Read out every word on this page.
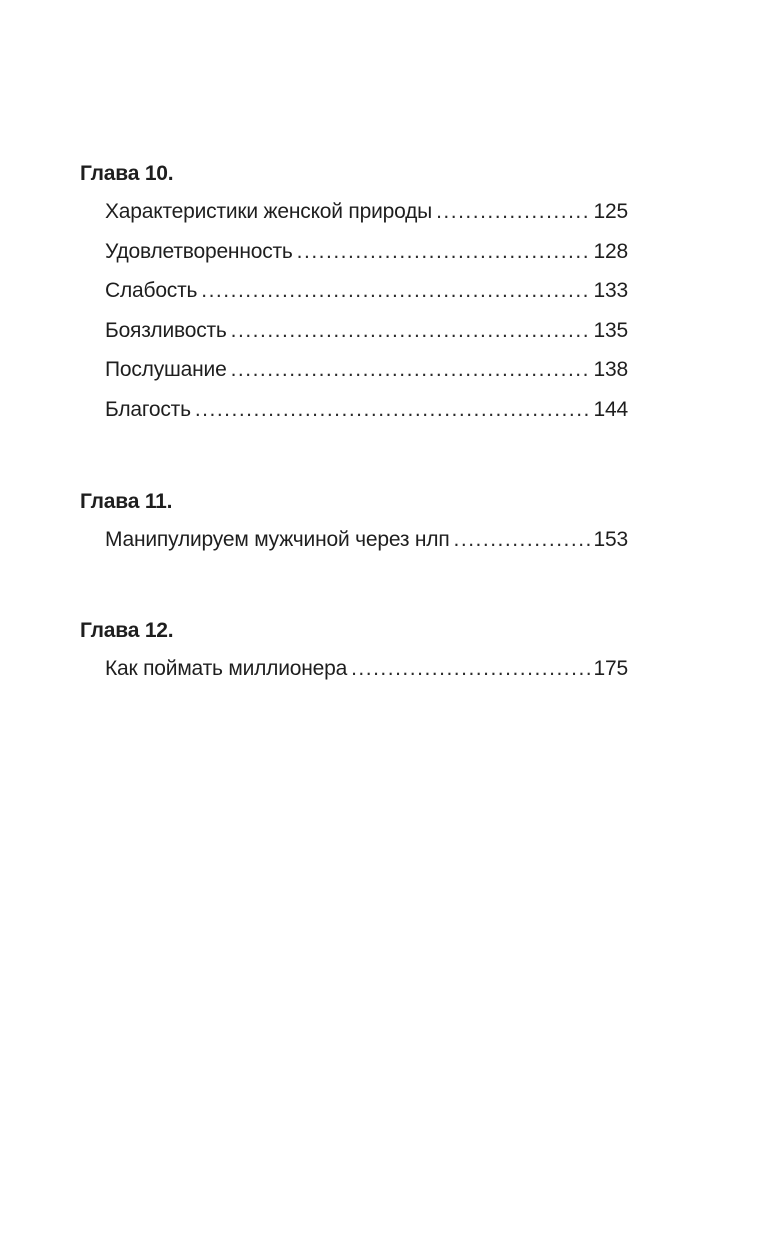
Глава 10.
Характеристики женской природы .....	125
Удовлетворенность .....	128
Слабость .....	133
Боязливость .....	135
Послушание .....	138
Благость .....	144
Глава 11.
Манипулируем мужчиной через нлп .....	153
Глава 12.
Как поймать миллионера .....	175
